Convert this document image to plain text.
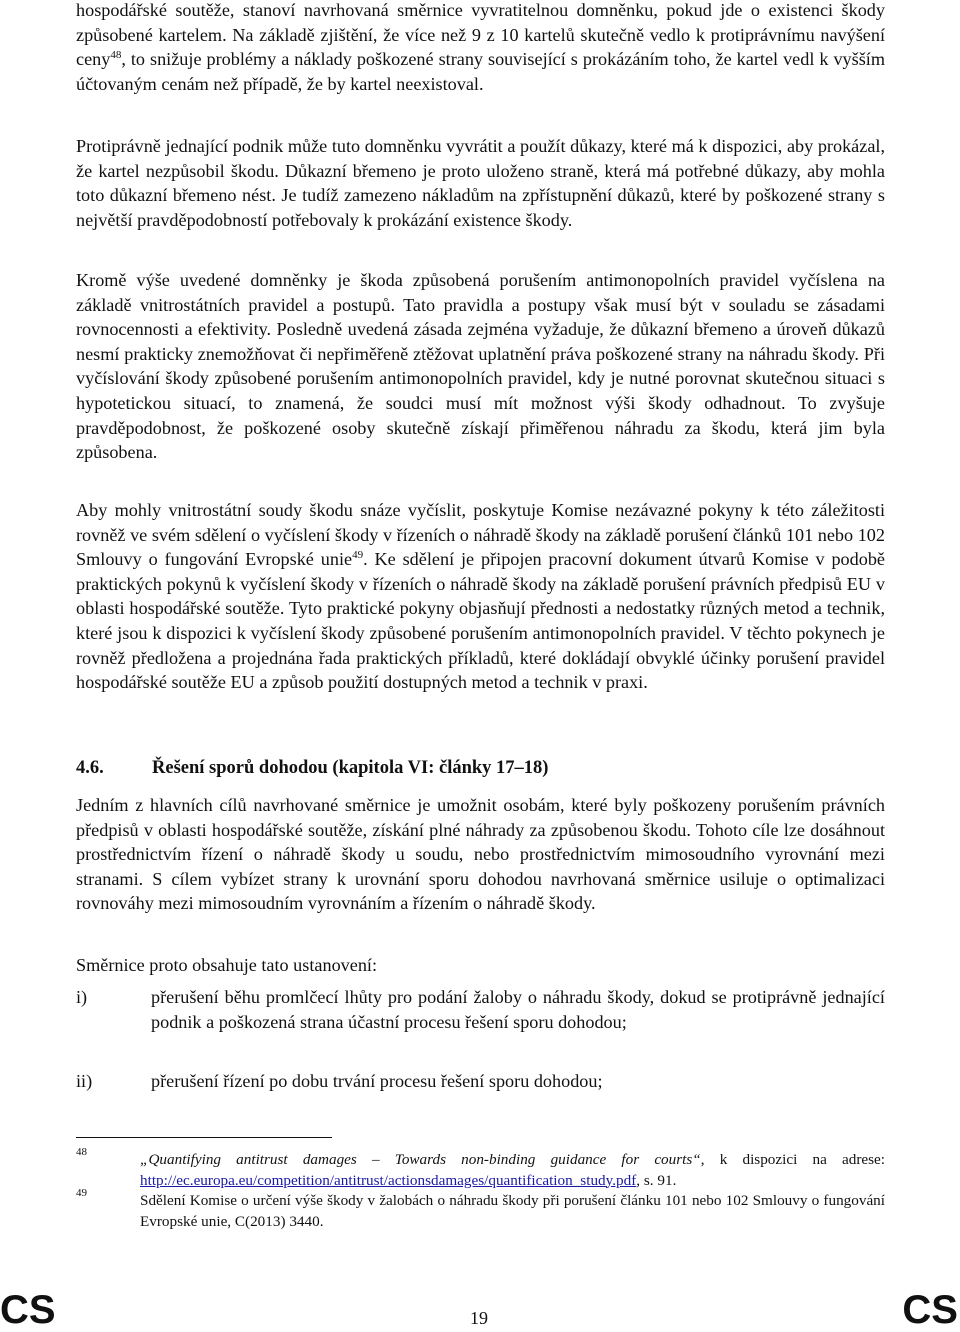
hospodářské soutěže, stanoví navrhovaná směrnice vyvratitelnou domněnku, pokud jde o existenci škody způsobené kartelem. Na základě zjištění, že více než 9 z 10 kartelů skutečně vedlo k protiprávnímu navýšení ceny$^{48}$, to snižuje problémy a náklady poškozené strany související s prokázáním toho, že kartel vedl k vyšším účtovaným cenám než případě, že by kartel neexistoval.

Protiprávně jednající podnik může tuto domněnku vyvrátit a použít důkazy, které má k dispozici, aby prokázal, že kartel nezpůsobil škodu. Důkazní břemeno je proto uloženo straně, která má potřebné důkazy, aby mohla toto důkazní břemeno nést. Je tudíž zamezeno nákladům na zpřístupnění důkazů, které by poškozené strany s největší pravděpodobností potřebovaly k prokázání existence škody.

Kromě výše uvedené domněnky je škoda způsobená porušením antimonopolních pravidel vyčíslena na základě vnitrostátních pravidel a postupů. Tato pravidla a postupy však musí být v souladu se zásadami rovnocennosti a efektivity. Posledně uvedená zásada zejména vyžaduje, že důkazní břemeno a úroveň důkazů nesmí prakticky znemožňovat či nepřiměřeně ztěžovat uplatnění práva poškozené strany na náhradu škody. Při vyčíslování škody způsobené porušením antimonopolních pravidel, kdy je nutné porovnat skutečnou situaci s hypotetickou situací, to znamená, že soudci musí mít možnost výši škody odhadnout. To zvyšuje pravděpodobnost, že poškozené osoby skutečně získají přiměřenou náhradu za škodu, která jim byla způsobena.

Aby mohly vnitrostátní soudy škodu snáze vyčíslit, poskytuje Komise nezávazné pokyny k této záležitosti rovněž ve svém sdělení o vyčíslení škody v řízeních o náhradě škody na základě porušení článků 101 nebo 102 Smlouvy o fungování Evropské unie$^{49}$. Ke sdělení je připojen pracovní dokument útvarů Komise v podobě praktických pokynů k vyčíslení škody v řízeních o náhradě škody na základě porušení právních předpisů EU v oblasti hospodářské soutěže. Tyto praktické pokyny objasňují přednosti a nedostatky různých metod a technik, které jsou k dispozici k vyčíslení škody způsobené porušením antimonopolních pravidel. V těchto pokynech je rovněž předložena a projednána řada praktických příkladů, které dokládají obvyklé účinky porušení pravidel hospodářské soutěže EU a způsob použití dostupných metod a technik v praxi.

4.6.	Řešení sporů dohodou (kapitola VI: články 17–18)

Jedním z hlavních cílů navrhované směrnice je umožnit osobám, které byly poškozeny porušením právních předpisů v oblasti hospodářské soutěže, získání plné náhrady za způsobenou škodu. Tohoto cíle lze dosáhnout prostřednictvím řízení o náhradě škody u soudu, nebo prostřednictvím mimosoudního vyrovnání mezi stranami. S cílem vybízet strany k urovnání sporu dohodou navrhovaná směrnice usiluje o optimalizaci rovnováhy mezi mimosoudním vyrovnáním a řízením o náhradě škody.

Směrnice proto obsahuje tato ustanovení:

i)	přerušení běhu promlčecí lhůty pro podání žaloby o náhradu škody, dokud se protiprávně jednající podnik a poškozená strana účastní procesu řešení sporu dohodou;
ii)	přerušení řízení po dobu trvání procesu řešení sporu dohodou;
48	„Quantifying antitrust damages – Towards non-binding guidance for courts“, k dispozici na adrese: http://ec.europa.eu/competition/antitrust/actionsdamages/quantification_study.pdf, s. 91.
49	Sdělení Komise o určení výše škody v žalobách o náhradu škody při porušení článku 101 nebo 102 Smlouvy o fungování Evropské unie, C(2013) 3440.
CS	19	CS
